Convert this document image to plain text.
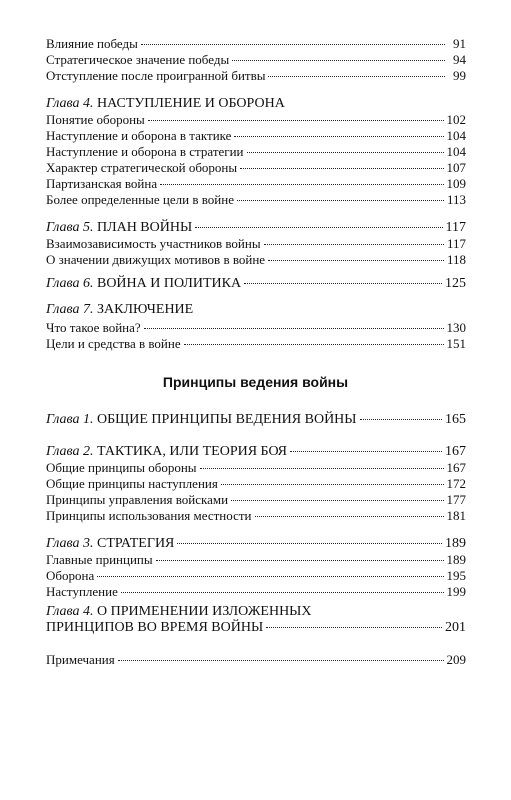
Влияние победы	91
Стратегическое значение победы	94
Отступление после проигранной битвы	99
Глава 4. НАСТУПЛЕНИЕ И ОБОРОНА
Понятие обороны	102
Наступление и оборона в тактике	104
Наступление и оборона в стратегии	104
Характер стратегической обороны	107
Партизанская война	109
Более определенные цели в войне	113
Глава 5. ПЛАН ВОЙНЫ	117
Взаимозависимость участников войны	117
О значении движущих мотивов в войне	118
Глава 6. ВОЙНА И ПОЛИТИКА	125
Глава 7. ЗАКЛЮЧЕНИЕ
Что такое война?	130
Цели и средства в войне	151
Принципы ведения войны
Глава 1. ОБЩИЕ ПРИНЦИПЫ ВЕДЕНИЯ ВОЙНЫ	165
Глава 2. ТАКТИКА, ИЛИ ТЕОРИЯ БОЯ	167
Общие принципы обороны	167
Общие принципы наступления	172
Принципы управления войсками	177
Принципы использования местности	181
Глава 3. СТРАТЕГИЯ	189
Главные принципы	189
Оборона	195
Наступление	199
Глава 4. О ПРИМЕНЕНИИ ИЗЛОЖЕННЫХ
ПРИНЦИПОВ ВО ВРЕМЯ ВОЙНЫ	201
Примечания	209
